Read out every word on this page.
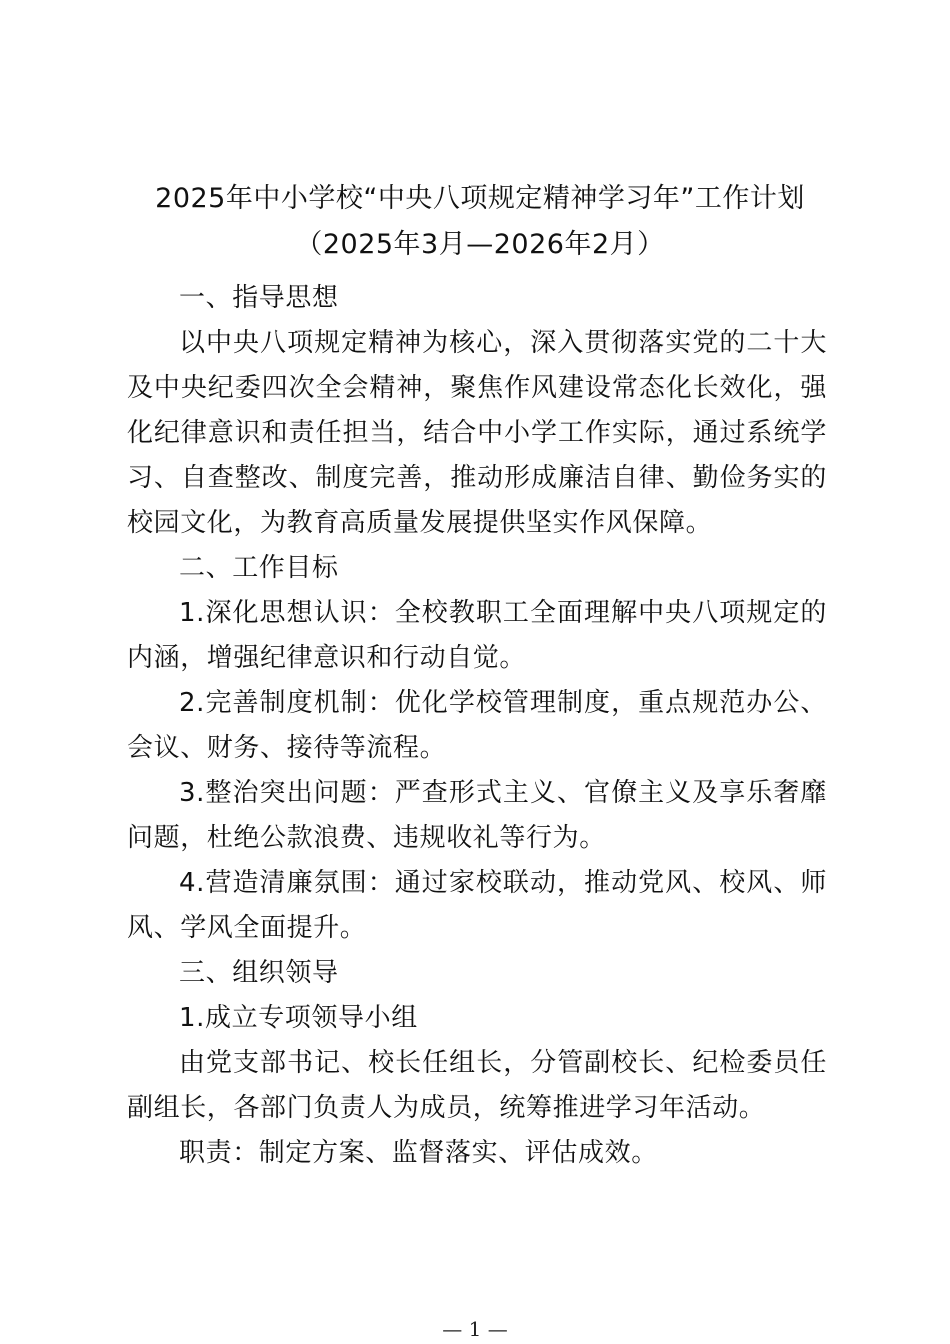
2025年中小学校“中央八项规定精神学习年”工作计划
（2025年3月—2026年2月）

一、指导思想

以中央八项规定精神为核心，深入贯彻落实党的二十大及中央纪委四次全会精神，聚焦作风建设常态化长效化，强化纪律意识和责任担当，结合中小学工作实际，通过系统学习、自查整改、制度完善，推动形成廉洁自律、勤俭务实的校园文化，为教育高质量发展提供坚实作风保障。

二、工作目标

1.深化思想认识：全校教职工全面理解中央八项规定的内涵，增强纪律意识和行动自觉。

2.完善制度机制：优化学校管理制度，重点规范办公、会议、财务、接待等流程。

3.整治突出问题：严查形式主义、官僚主义及享乐奢靡问题，杜绝公款浪费、违规收礼等行为。

4.营造清廉氛围：通过家校联动，推动党风、校风、师风、学风全面提升。

三、组织领导

1.成立专项领导小组

由党支部书记、校长任组长，分管副校长、纪检委员任副组长，各部门负责人为成员，统筹推进学习年活动。

职责：制定方案、监督落实、评估成效。

— 1 —
